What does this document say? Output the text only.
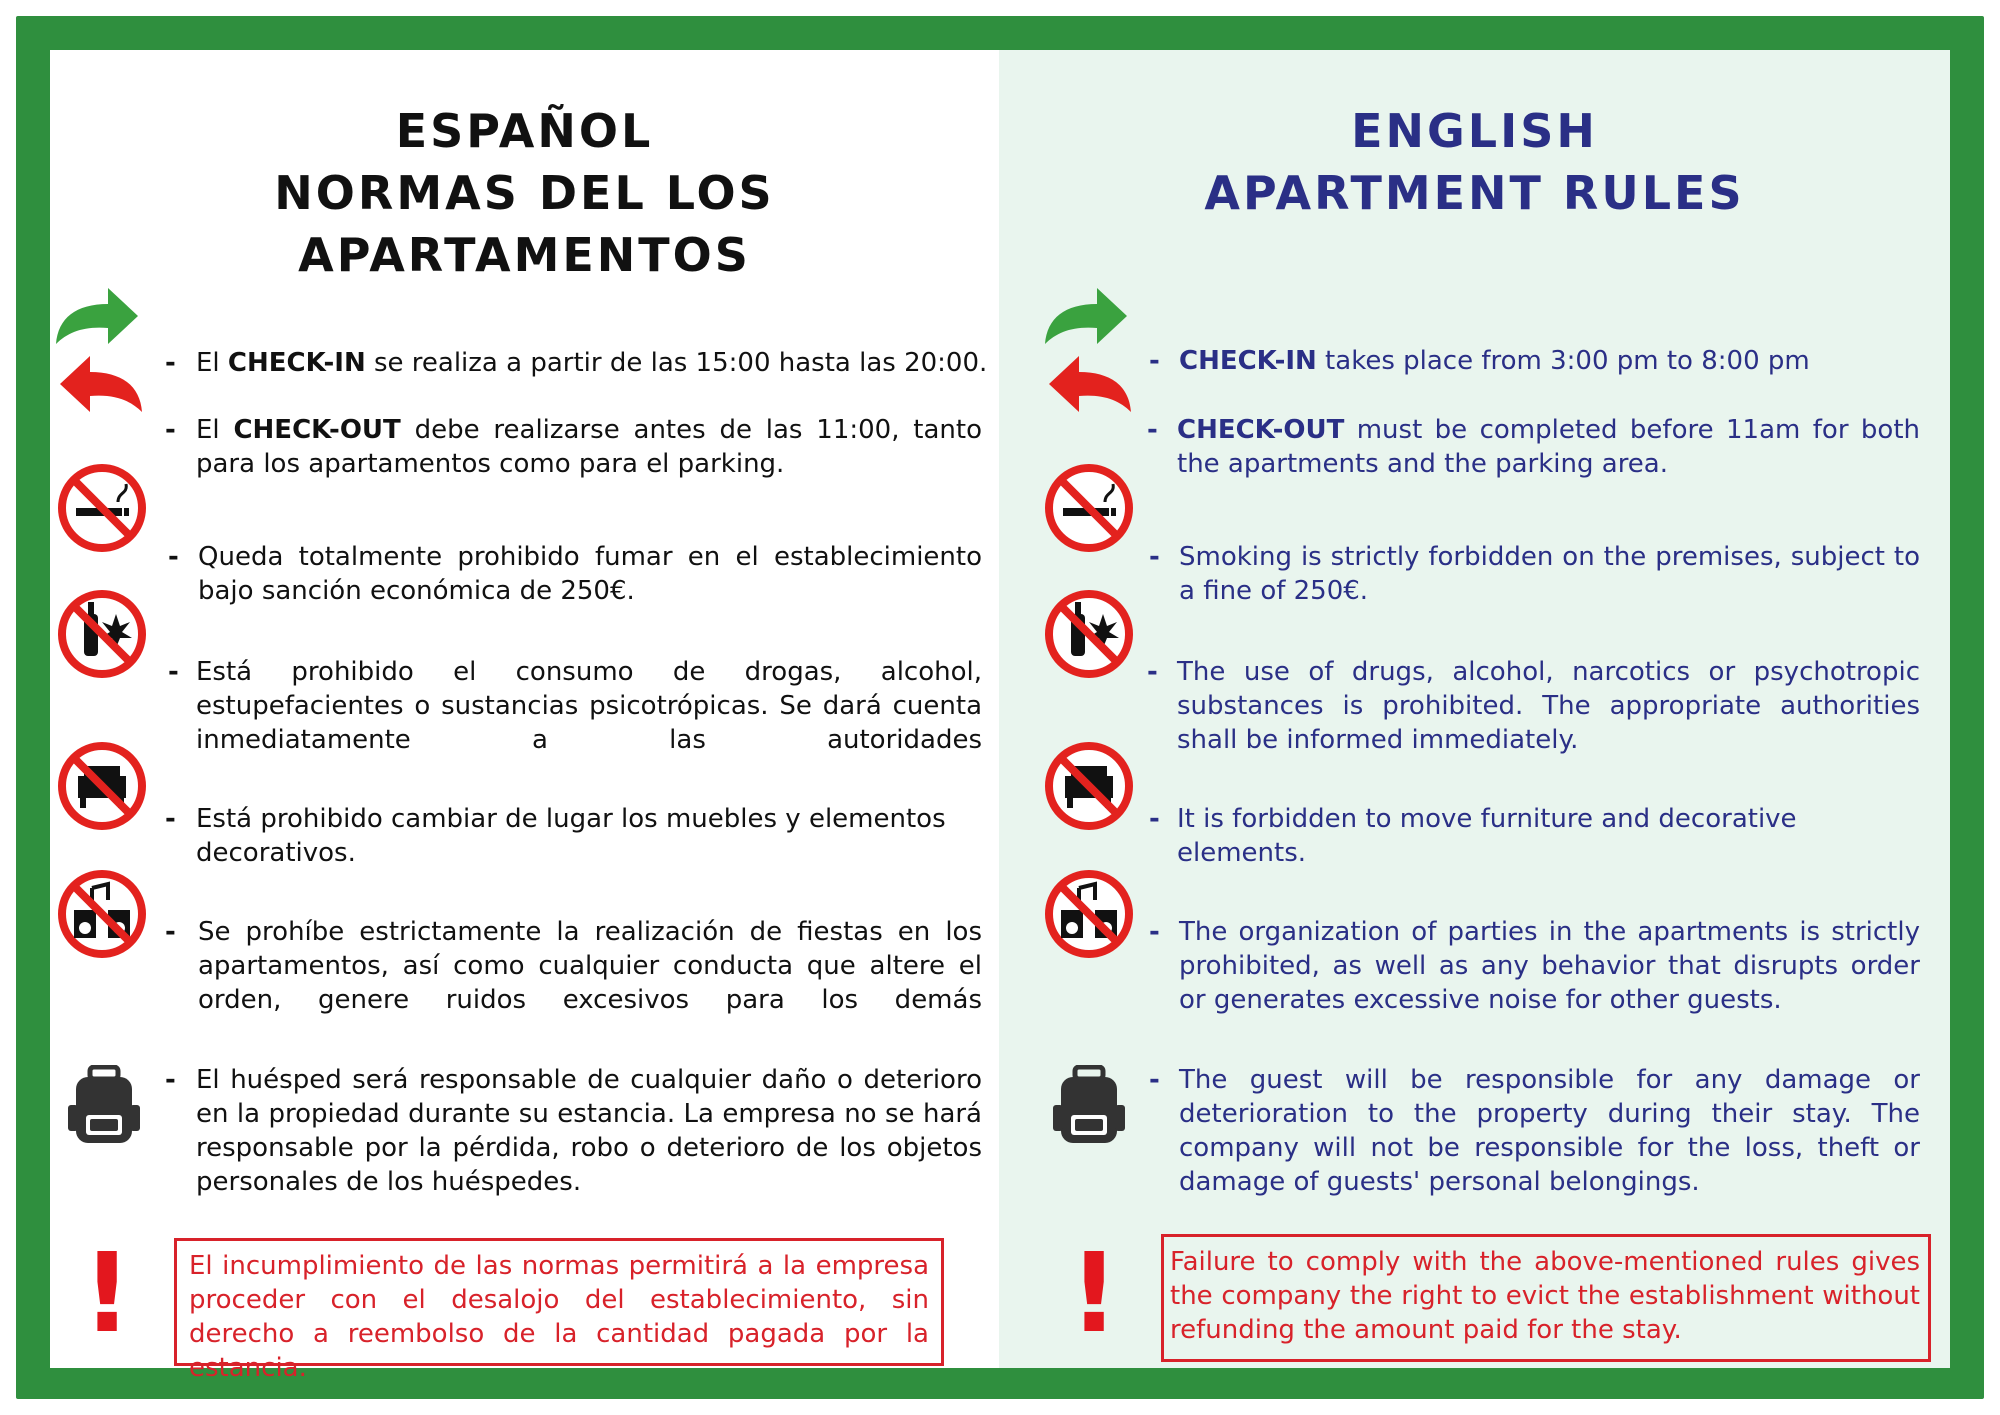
ESPAÑOL
NORMAS DEL LOS APARTAMENTOS
- El CHECK-IN se realiza a partir de las 15:00 hasta las 20:00.
- El CHECK-OUT debe realizarse antes de las 11:00, tanto para los apartamentos como para el parking.
- Queda totalmente prohibido fumar en el establecimiento bajo sanción económica de 250€.
- Está prohibido el consumo de drogas, alcohol, estupefacientes o sustancias psicotrópicas. Se dará cuenta inmediatamente a las autoridades
- Está prohibido cambiar de lugar los muebles y elementos decorativos.
- Se prohíbe estrictamente la realización de fiestas en los apartamentos, así como cualquier conducta que altere el orden, genere ruidos excesivos para los demás
- El huésped será responsable de cualquier daño o deterioro en la propiedad durante su estancia. La empresa no se hará responsable por la pérdida, robo o deterioro de los objetos personales de los huéspedes.
!	El incumplimiento de las normas permitirá a la empresa proceder con el desalojo del establecimiento, sin derecho a reembolso de la cantidad pagada por la estancia.
ENGLISH
APARTMENT RULES
- CHECK-IN takes place from 3:00 pm to 8:00 pm
- CHECK-OUT must be completed before 11am for both the apartments and the parking area.
- Smoking is strictly forbidden on the premises, subject to a fine of 250€.
- The use of drugs, alcohol, narcotics or psychotropic substances is prohibited. The appropriate authorities shall be informed immediately.
- It is forbidden to move furniture and decorative elements.
- The organization of parties in the apartments is strictly prohibited, as well as any behavior that disrupts order or generates excessive noise for other guests.
- The guest will be responsible for any damage or deterioration to the property during their stay. The company will not be responsible for the loss, theft or damage of guests' personal belongings.
!	Failure to comply with the above-mentioned rules gives the company the right to evict the establishment without refunding the amount paid for the stay.
